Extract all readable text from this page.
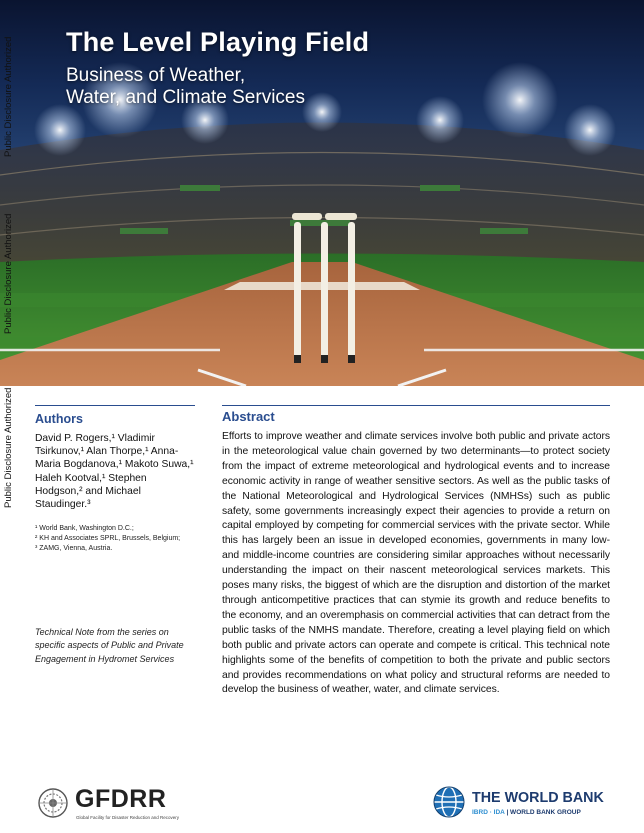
The Level Playing Field
Business of Weather,
Water, and Climate Services
Public Disclosure Authorized
Public Disclosure Authorized
Public Disclosure Authorized Authors
David P. Rogers,¹ Vladimir Tsirkunov,¹ Alan Thorpe,¹ Anna-Maria Bogdanova,¹ Makoto Suwa,¹ Haleh Kootval,¹ Stephen Hodgson,² and Michael Staudinger.³
¹ World Bank, Washington D.C.;
² KH and Associates SPRL, Brussels, Belgium;
³ ZAMG, Vienna, Austria.
Technical Note from the series on specific aspects of Public and Private Engagement in Hydromet Services
Abstract

Efforts to improve weather and climate services involve both public and private actors in the meteorological value chain governed by two determinants—to protect society from the impact of extreme meteorological and hydrological events and to increase economic activity in range of weather sensitive sectors. As well as the public tasks of the National Meteorological and Hydrological Services (NMHSs) such as public safety, some governments increasingly expect their agencies to provide a return on capital employed by competing for commercial services with the private sector. While this has largely been an issue in developed economies, governments in many low- and middle-income countries are considering similar approaches without necessarily understanding the impact on their nascent meteorological services markets. This poses many risks, the biggest of which are the disruption and distortion of the market through anticompetitive practices that can stymie its growth and reduce benefits to the economy, and an overemphasis on commercial activities that can detract from the public tasks of the NMHS mandate. Therefore, creating a level playing field on which both public and private actors can operate and compete is critical. This technical note highlights some of the benefits of competition to both the private and public sectors and provides recommendations on what policy and structural reforms are needed to develop the business of weather, water, and climate services.

GFDRR
Global Facility for Disaster Reduction and Recovery
THE WORLD BANK
IBRD · IDA | WORLD BANK GROUP
